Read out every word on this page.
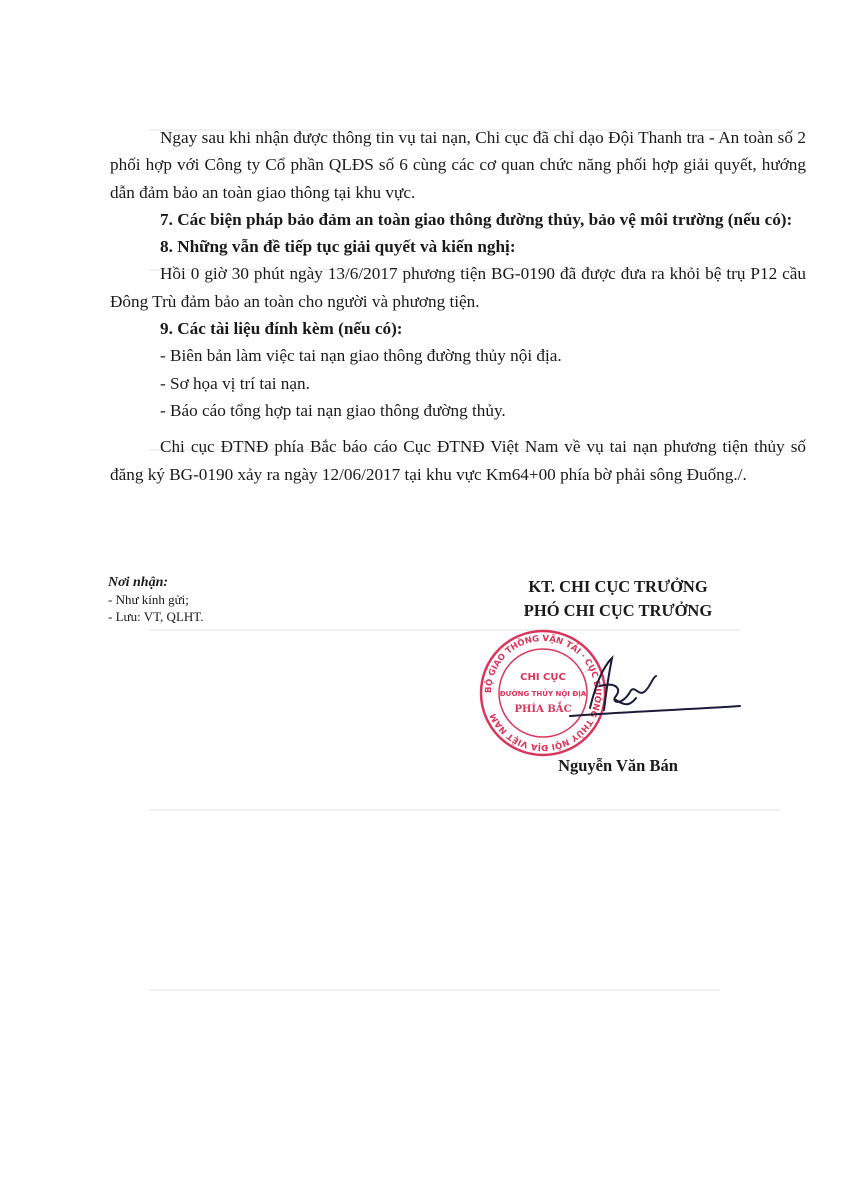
Ngay sau khi nhận được thông tin vụ tai nạn, Chi cục đã chỉ dạo Đội Thanh tra - An toàn số 2 phối hợp với Công ty Cổ phần QLĐS số 6 cùng các cơ quan chức năng phối hợp giải quyết, hướng dẫn đảm bảo an toàn giao thông tại khu vực.

7. Các biện pháp bảo đảm an toàn giao thông đường thủy, bảo vệ môi trường (nếu có):

8. Những vẫn đề tiếp tục giải quyết và kiến nghị:

Hồi 0 giờ 30 phút ngày 13/6/2017 phương tiện BG-0190 đã được đưa ra khỏi bệ trụ P12 cầu Đông Trù đảm bảo an toàn cho người và phương tiện.

9. Các tài liệu đính kèm (nếu có):

- Biên bản làm việc tai nạn giao thông đường thủy nội địa.

- Sơ họa vị trí tai nạn.

- Báo cáo tổng hợp tai nạn giao thông đường thủy.

Chi cục ĐTNĐ phía Bắc báo cáo Cục ĐTNĐ Việt Nam về vụ tai nạn phương tiện thủy số đăng ký BG-0190 xảy ra ngày 12/06/2017 tại khu vực Km64+00 phía bờ phải sông Đuống./.

Nơi nhận:
- Như kính gửi;
- Lưu: VT, QLHT.
KT. CHI CỤC TRƯỞNG
PHÓ CHI CỤC TRƯỞNG
BỘ GIAO THÔNG VẬN TẢI · CỤC ĐƯỜNG THỦY NỘI ĐỊA VIỆT NAM
CHI CỤC
ĐƯỜNG THỦY NỘI ĐỊA
PHÍA BẮC
Nguyễn Văn Bán
